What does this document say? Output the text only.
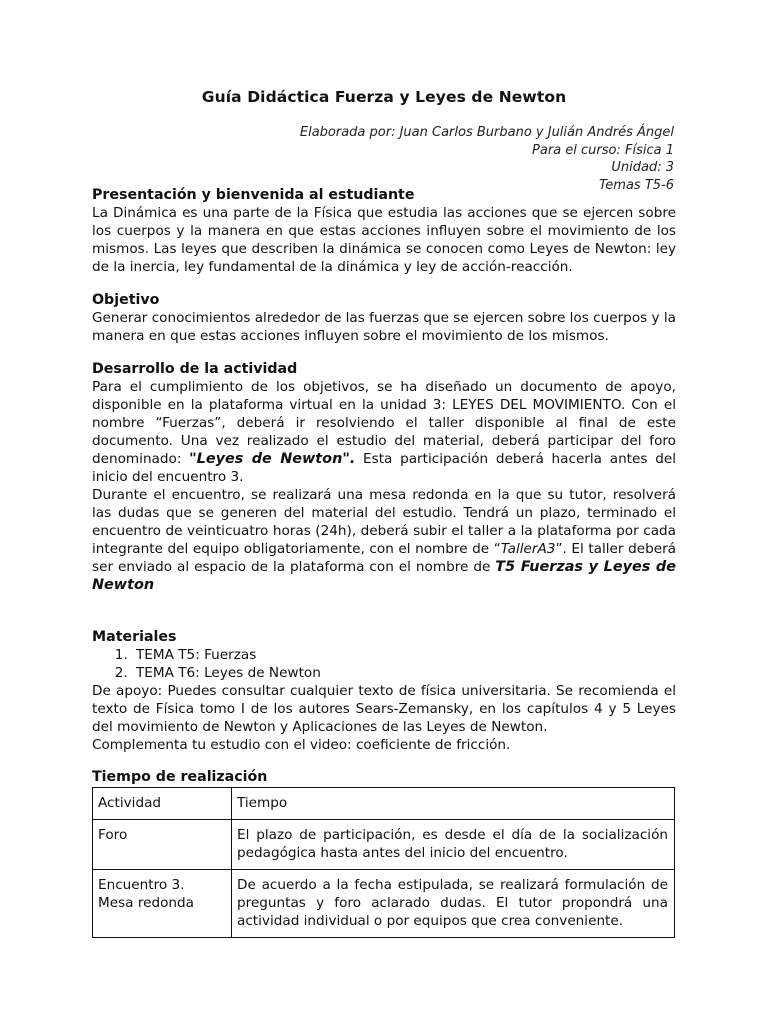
Guía Didáctica Fuerza y Leyes de Newton
Elaborada por: Juan Carlos Burbano y Julián Andrés Ángel
Para el curso: Física 1
Unidad: 3
Temas T5-6
Presentación y bienvenida al estudiante

La Dinámica es una parte de la Física que estudia las acciones que se ejercen sobre los cuerpos y la manera en que estas acciones influyen sobre el movimiento de los mismos. Las leyes que describen la dinámica se conocen como Leyes de Newton: ley de la inercia, ley fundamental de la dinámica y ley de acción-reacción.

Objetivo

Generar conocimientos alrededor de las fuerzas que se ejercen sobre los cuerpos y la manera en que estas acciones influyen sobre el movimiento de los mismos.

Desarrollo de la actividad

Para el cumplimiento de los objetivos, se ha diseñado un documento de apoyo, disponible en la plataforma virtual en la unidad 3: LEYES DEL MOVIMIENTO. Con el nombre “Fuerzas”, deberá ir resolviendo el taller disponible al final de este documento. Una vez realizado el estudio del material, deberá participar del foro denominado: "Leyes de Newton". Esta participación deberá hacerla antes del inicio del encuentro 3.

Durante el encuentro, se realizará una mesa redonda en la que su tutor, resolverá las dudas que se generen del material del estudio. Tendrá un plazo, terminado el encuentro de veinticuatro horas (24h), deberá subir el taller a la plataforma por cada integrante del equipo obligatoriamente, con el nombre de “TallerA3”. El taller deberá ser enviado al espacio de la plataforma con el nombre de T5 Fuerzas y Leyes de Newton

Materiales
1. TEMA T5: Fuerzas
2. TEMA T6: Leyes de Newton

De apoyo: Puedes consultar cualquier texto de física universitaria. Se recomienda el texto de Física tomo I de los autores Sears-Zemansky, en los capítulos 4 y 5 Leyes del movimiento de Newton y Aplicaciones de las Leyes de Newton.

Complementa tu estudio con el video: coeficiente de fricción.

Tiempo de realización
Actividad	Tiempo
Foro	El plazo de participación, es desde el día de la socialización pedagógica hasta antes del inicio del encuentro.

Encuentro 3.
Mesa redonda	De acuerdo a la fecha estipulada, se realizará formulación de preguntas y foro aclarado dudas. El tutor propondrá una actividad individual o por equipos que crea conveniente.
